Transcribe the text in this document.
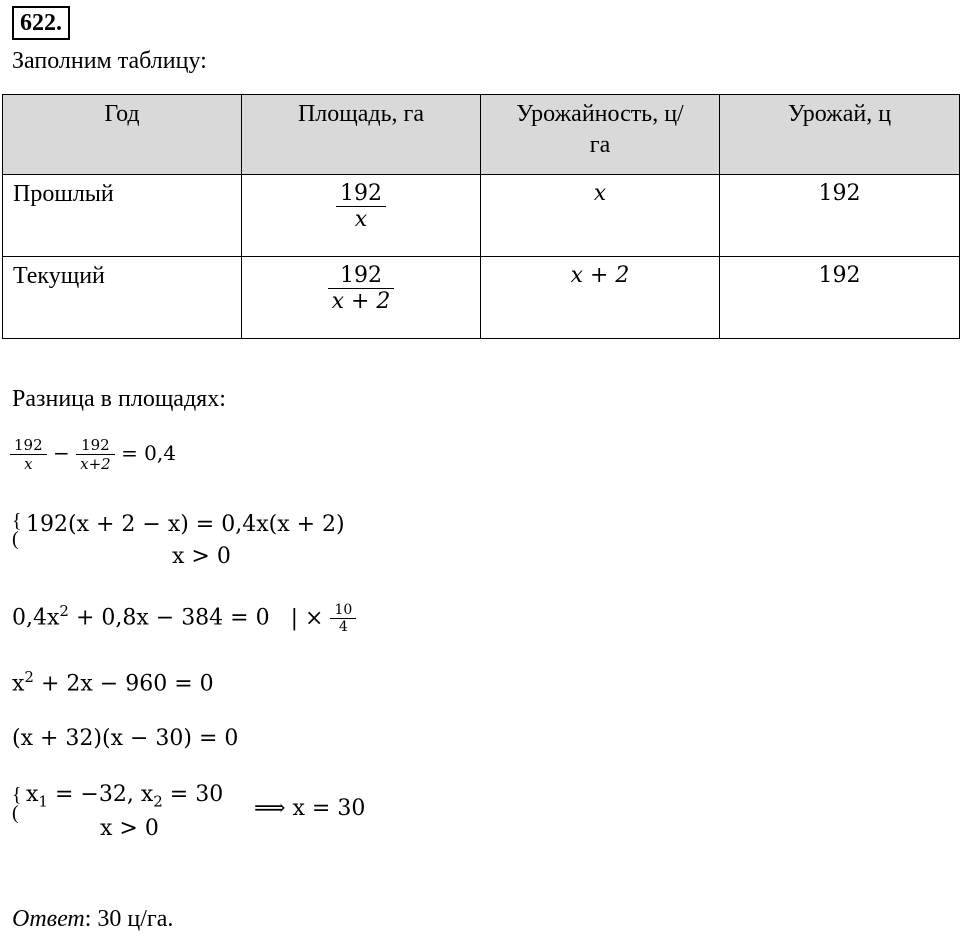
622.
Заполним таблицу:
Год	Площадь, га	Урожайность, ц/га	Урожай, ц
Прошлый	$\frac{192}{x}$	x	192
Текущий	$\frac{192}{x + 2}$	x + 2	192
Разница в площадях:
$\frac{192}{x} - \frac{192}{x+2} = 0,4$
{
(
192(x + 2 − x) = 0,4x(x + 2)
x > 0
$0,4x^2 + 0,8x - 384 = 0$ | × $\frac{10}{4}$
$x^2 + 2x - 960 = 0$
(x + 32)(x − 30) = 0
{
(
$x_1 = -32$, $x_2 = 30$
x > 0
⟹ x = 30
Ответ: 30 ц/га.
